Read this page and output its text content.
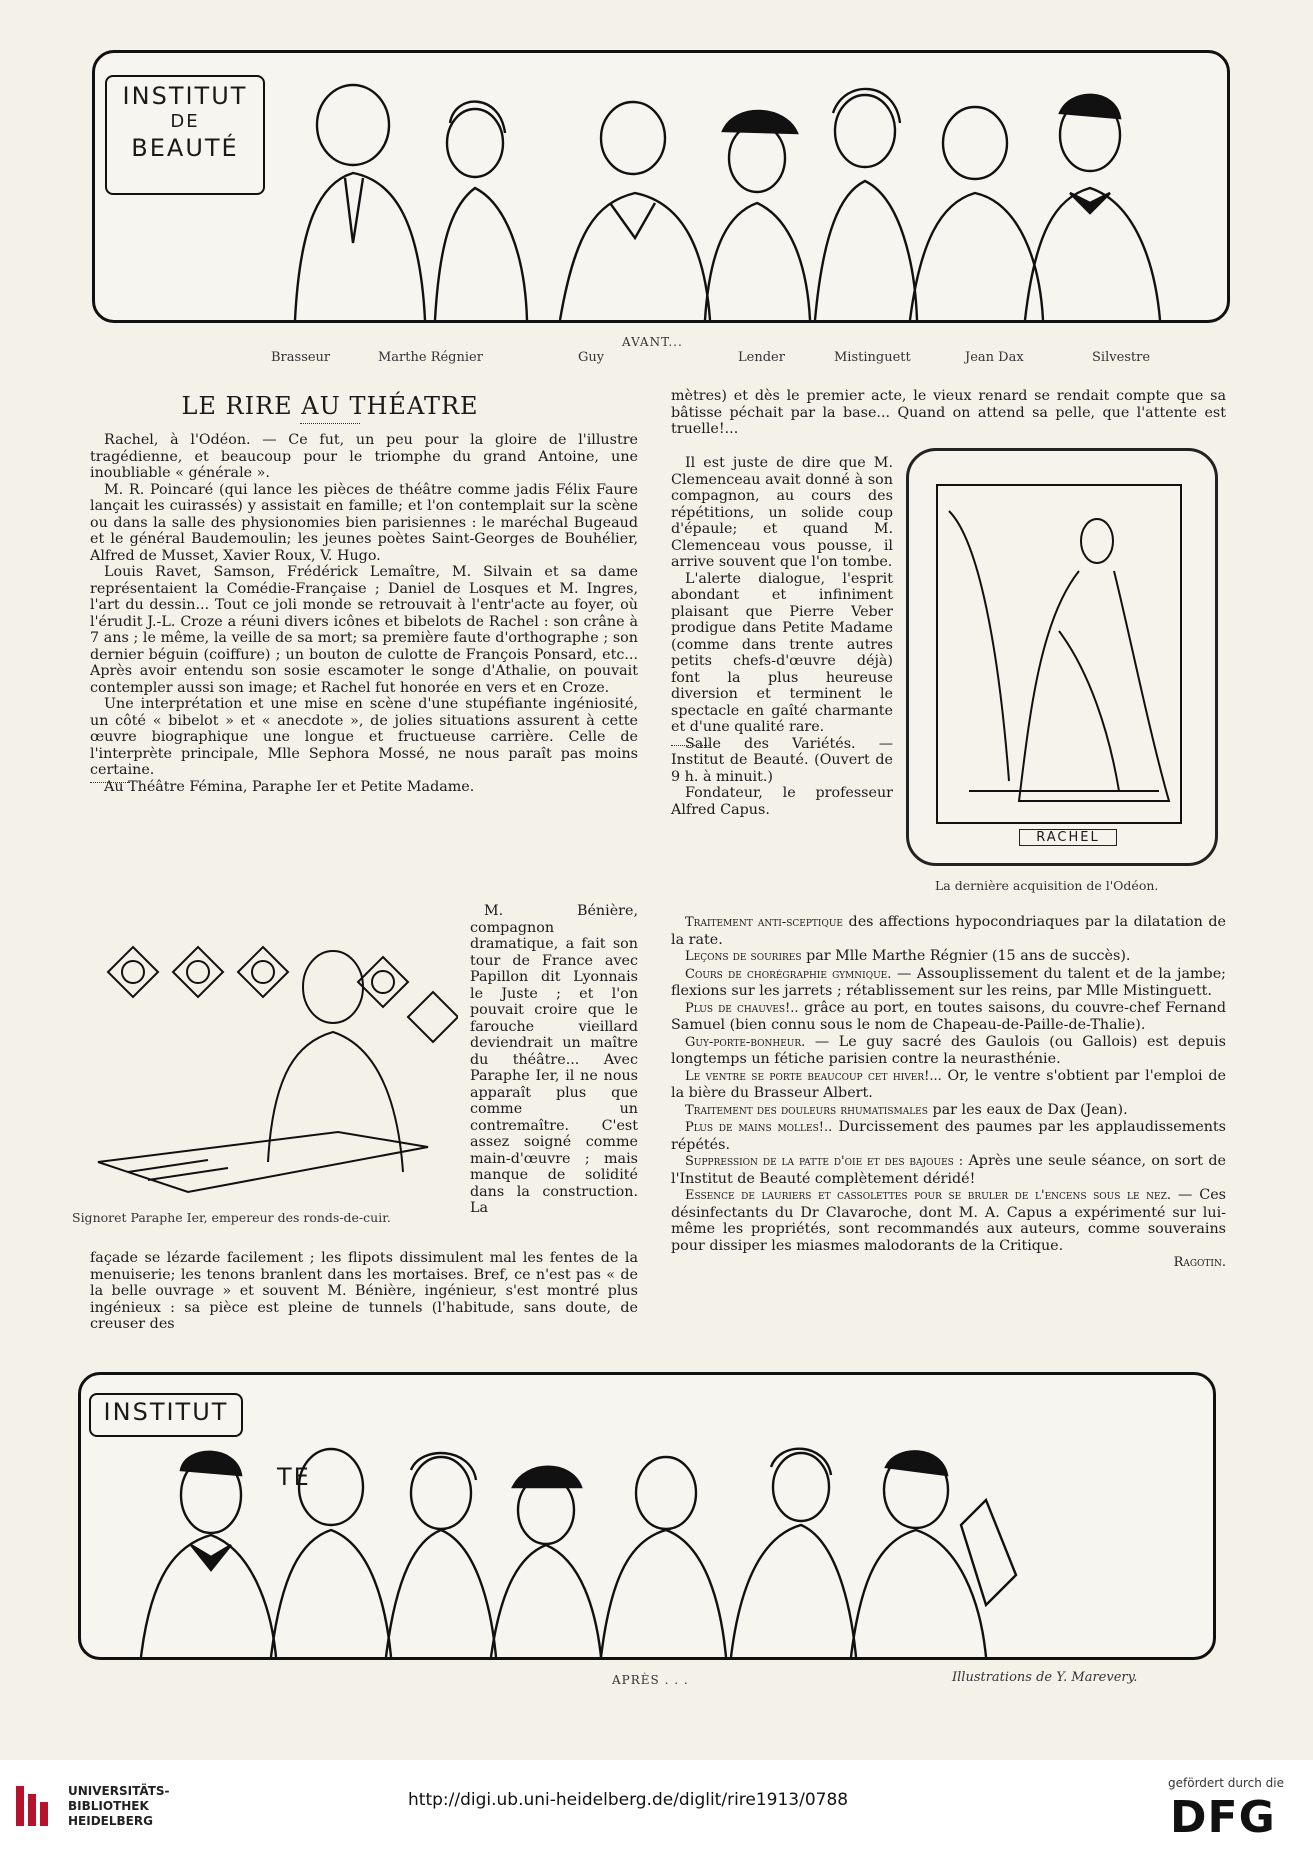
INSTITUT
DE
BEAUTÉ
AVANT...
Brasseur	Marthe Régnier	Guy	Lender	Mistinguett	Jean Dax	Silvestre
LE RIRE AU THÉATRE

Rachel, à l'Odéon. — Ce fut, un peu pour la gloire de l'illustre tragédienne, et beaucoup pour le triomphe du grand Antoine, une inoubliable « générale ».

M. R. Poincaré (qui lance les pièces de théâtre comme jadis Félix Faure lançait les cuirassés) y assistait en famille; et l'on contemplait sur la scène ou dans la salle des physionomies bien parisiennes : le maréchal Bugeaud et le général Baudemoulin; les jeunes poètes Saint-Georges de Bouhélier, Alfred de Musset, Xavier Roux, V. Hugo.

Louis Ravet, Samson, Frédérick Lemaître, M. Silvain et sa dame représentaient la Comédie-Française ; Daniel de Losques et M. Ingres, l'art du dessin... Tout ce joli monde se retrouvait à l'entr'acte au foyer, où l'érudit J.-L. Croze a réuni divers icônes et bibelots de Rachel : son crâne à 7 ans ; le même, la veille de sa mort; sa première faute d'orthographe ; son dernier béguin (coiffure) ; un bouton de culotte de François Ponsard, etc... Après avoir entendu son sosie escamoter le songe d'Athalie, on pouvait contempler aussi son image; et Rachel fut honorée en vers et en Croze.

Une interprétation et une mise en scène d'une stupéfiante ingéniosité, un côté « bibelot » et « anecdote », de jolies situations assurent à cette œuvre biographique une longue et fructueuse carrière. Celle de l'interprète principale, Mlle Sephora Mossé, ne nous paraît pas moins certaine.

Au Théâtre Fémina, Paraphe Ier et Petite Madame.

Signoret Paraphe Ier, empereur des ronds-de-cuir.

M. Bénière, compagnon dramatique, a fait son tour de France avec Papillon dit Lyonnais le Juste ; et l'on pouvait croire que le farouche vieillard deviendrait un maître du théâtre... Avec Paraphe Ier, il ne nous apparaît plus que comme un contremaître. C'est assez soigné comme main-d'œuvre ; mais manque de solidité dans la construction. La

façade se lézarde facilement ; les flipots dissimulent mal les fentes de la menuiserie; les tenons branlent dans les mortaises. Bref, ce n'est pas « de la belle ouvrage » et souvent M. Bénière, ingénieur, s'est montré plus ingénieux : sa pièce est pleine de tunnels (l'habitude, sans doute, de creuser des

mètres) et dès le premier acte, le vieux renard se rendait compte que sa bâtisse péchait par la base... Quand on attend sa pelle, que l'attente est truelle!...

Il est juste de dire que M. Clemenceau avait donné à son compagnon, au cours des répétitions, un solide coup d'épaule; et quand M. Clemenceau vous pousse, il arrive souvent que l'on tombe.

L'alerte dialogue, l'esprit abondant et infiniment plaisant que Pierre Veber prodigue dans Petite Madame (comme dans trente autres petits chefs-d'œuvre déjà) font la plus heureuse diversion et terminent le spectacle en gaîté charmante et d'une qualité rare.

Salle des Variétés. — Institut de Beauté. (Ouvert de 9 h. à minuit.)

Fondateur, le professeur Alfred Capus.

RACHEL
La dernière acquisition de l'Odéon.

Traitement anti-sceptique des affections hypocondriaques par la dilatation de la rate.

Leçons de sourires par Mlle Marthe Régnier (15 ans de succès).

Cours de chorégraphie gymnique. — Assouplissement du talent et de la jambe; flexions sur les jarrets ; rétablissement sur les reins, par Mlle Mistinguett.

Plus de chauves!.. grâce au port, en toutes saisons, du couvre-chef Fernand Samuel (bien connu sous le nom de Chapeau-de-Paille-de-Thalie).

Guy-porte-bonheur. — Le guy sacré des Gaulois (ou Gallois) est depuis longtemps un fétiche parisien contre la neurasthénie.

Le ventre se porte beaucoup cet hiver!... Or, le ventre s'obtient par l'emploi de la bière du Brasseur Albert.

Traitement des douleurs rhumatismales par les eaux de Dax (Jean).

Plus de mains molles!.. Durcissement des paumes par les applaudissements répétés.

Suppression de la patte d'oie et des bajoues : Après une seule séance, on sort de l'Institut de Beauté complètement déridé!

Essence de lauriers et cassolettes pour se bruler de l'encens sous le nez. — Ces désinfectants du Dr Clavaroche, dont M. A. Capus a expérimenté sur lui-même les propriétés, sont recommandés aux auteurs, comme souverains pour dissiper les miasmes malodorants de la Critique.

Ragotin.

INSTITUT
TE
APRÈS . . .	Illustrations de Y. Marevery.
UNIVERSITÄTS-
BIBLIOTHEK
HEIDELBERG
http://digi.ub.uni-heidelberg.de/diglit/rire1913/0788
gefördert durch die
DFG
